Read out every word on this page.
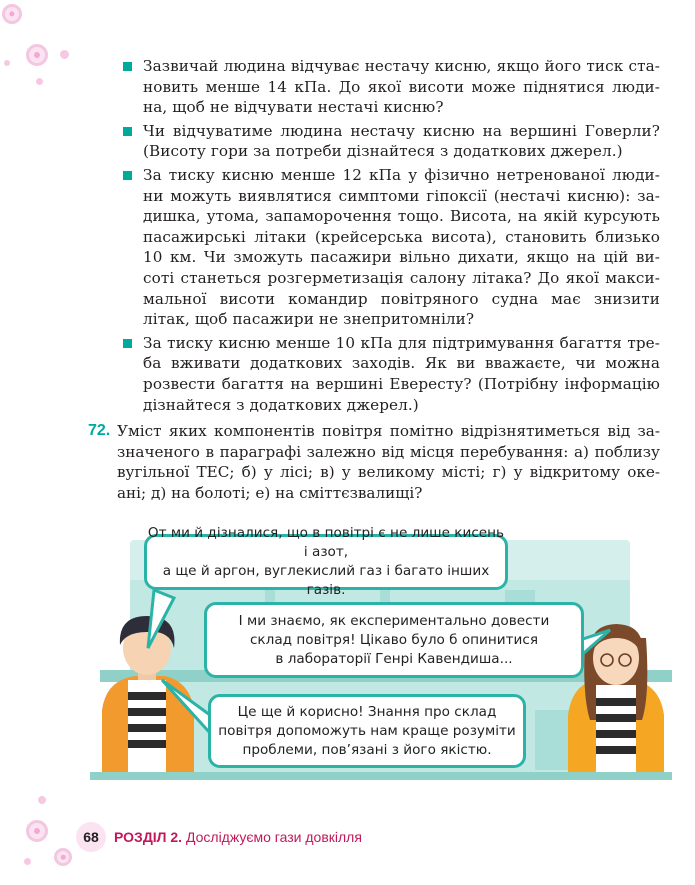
Зазвичай людина відчуває нестачу кисню, якщо його тиск ста- новить менше 14 кПа. До якої висоти може піднятися люди- на, щоб не відчувати нестачі кисню?
Чи відчуватиме людина нестачу кисню на вершині Говерли? (Висоту гори за потреби дізнайтеся з додаткових джерел.)
За тиску кисню менше 12 кПа у фізично нетренованої люди- ни можуть виявлятися симптоми гіпоксії (нестачі кисню): за- дишка, утома, запаморочення тощо. Висота, на якій курсують пасажирські літаки (крейсерська висота), становить близько 10 км. Чи зможуть пасажири вільно дихати, якщо на цій ви- соті станеться розгерметизація салону літака? До якої макси- мальної висоти командир повітряного судна має знизити літак, щоб пасажири не знепритомніли?
За тиску кисню менше 10 кПа для підтримування багаття тре- ба вживати додаткових заходів. Як ви вважаєте, чи можна розвести багаття на вершині Евересту? (Потрібну інформацію дізнайтеся з додаткових джерел.)
72. Уміст яких компонентів повітря помітно відрізнятиметься від за- значеного в параграфі залежно від місця перебування: а) поблизу вугільної ТЕС; б) у лісі; в) у великому місті; г) у відкритому оке- ані; д) на болоті; е) на сміттєзвалищі?
От ми й дізналися, що в повітрі є не лише кисень і азот,
а ще й аргон, вуглекислий газ і багато інших газів.
І ми знаємо, як експериментально довести
склад повітря! Цікаво було б опинитися
в лабораторії Генрі Кавендиша...
Це ще й корисно! Знання про склад
повітря допоможуть нам краще розуміти
проблеми, пов’язані з його якістю.
68	РОЗДІЛ 2. Досліджуємо гази довкілля
